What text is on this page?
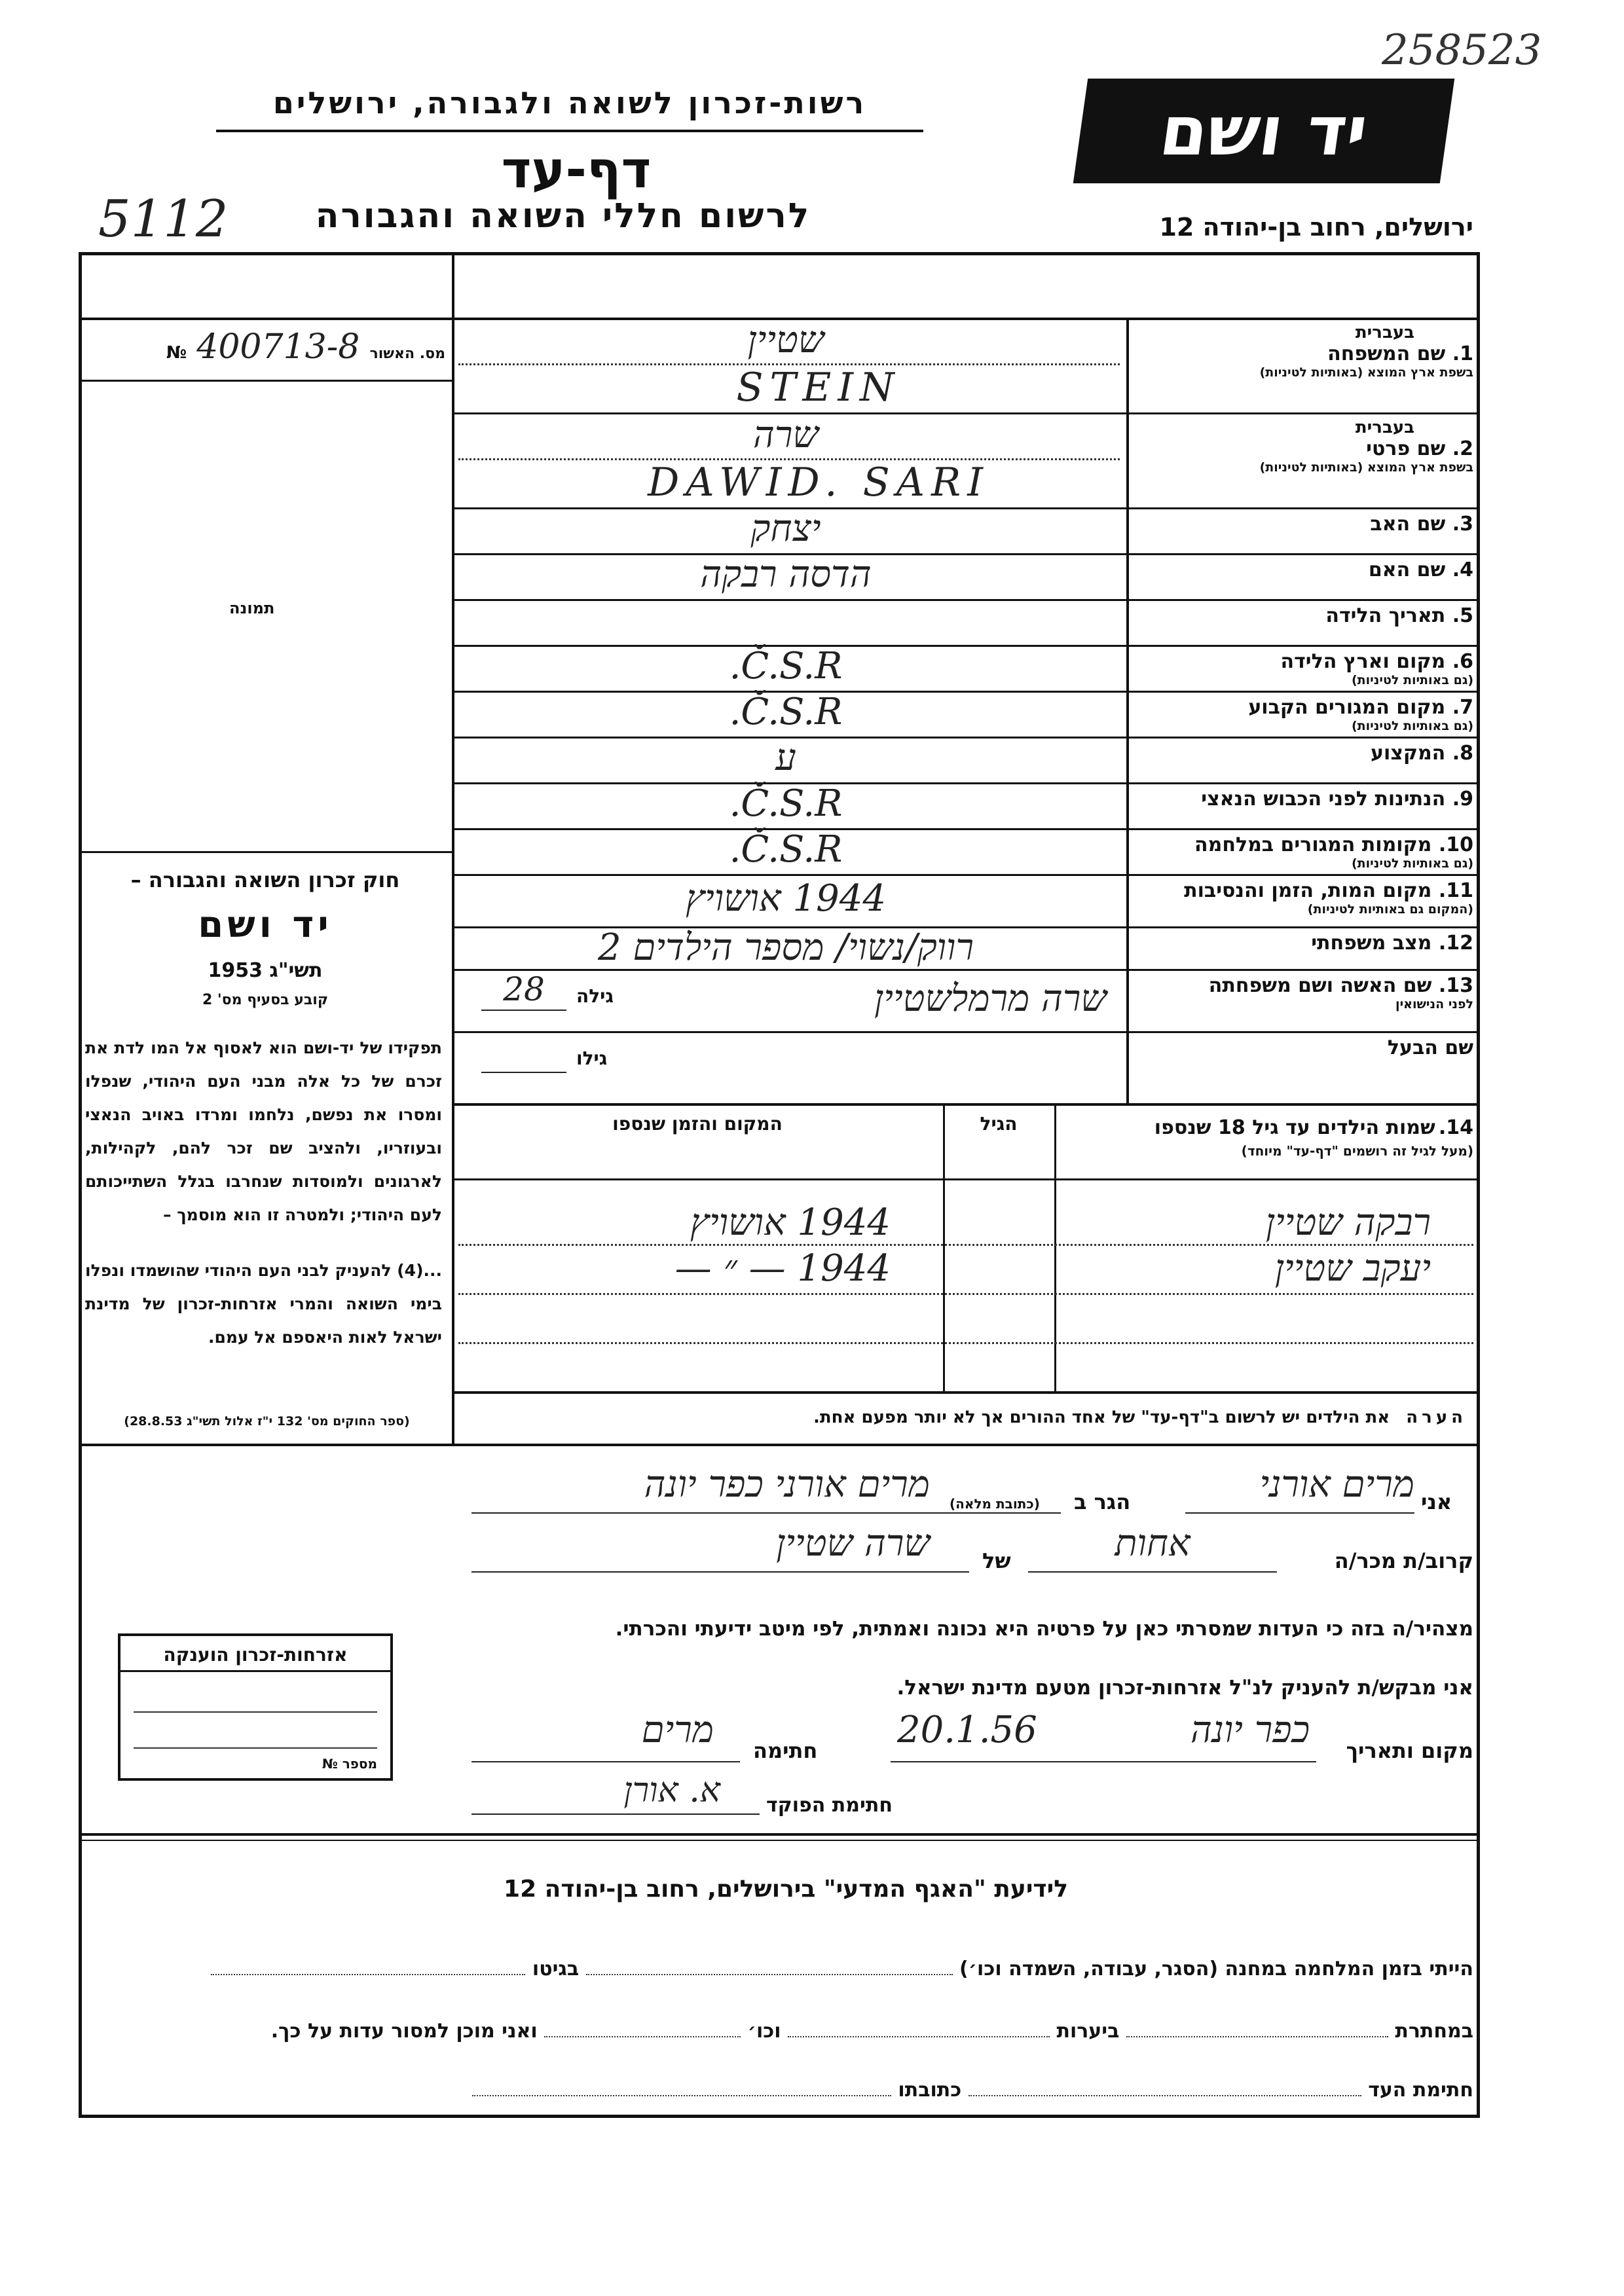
258523
רשות-זכרון לשואה ולגבורה, ירושלים
דף-עד
5112	לרשום חללי השואה והגבורה
יד ושם
ירושלים, רחוב בן-יהודה 12
מס. האשור 400713-8 №
תמונה
חוק זכרון השואה והגבורה –
יד ושם
תשי"ג 1953
קובע בסעיף מס' 2
תפקידו של יד-ושם הוא לאסוף אל המו לדת את זכרם של כל אלה מבני העם היהודי, שנפלו ומסרו את נפשם, נלחמו ומרדו באויב הנאצי ובעוזריו, ולהציב שם זכר להם, לקהילות, לארגונים ולמוסדות שנחרבו בגלל השתייכותם לעם היהודי; ולמטרה זו הוא מוסמך –
...(4) להעניק לבני העם היהודי שהושמדו ונפלו בימי השואה והמרי אזרחות-זכרון של מדינת ישראל לאות היאספם אל עמם.
(ספר החוקים מס' 132 י"ז אלול תשי"ג 28.8.53)
בעברית
1. שם המשפחה
בשפת ארץ המוצא (באותיות לטיניות)
שטיין
STEIN
בעברית
2. שם פרטי
בשפת ארץ המוצא (באותיות לטיניות)
שרה
DAWID. SARI
3. שם האב
יצחק
4. שם האם
הדסה רבקה
5. תאריך הלידה
6. מקום וארץ הלידה
(גם באותיות לטיניות)
Č.S.R.
7. מקום המגורים הקבוע
(גם באותיות לטיניות)
Č.S.R.
8. המקצוע
ע
9. הנתינות לפני הכבוש הנאצי
Č.S.R.
10. מקומות המגורים במלחמה
(גם באותיות לטיניות)
Č.S.R.
11. מקום המות, הזמן והנסיבות
(המקום גם באותיות לטיניות)
1944 אושויץ
12. מצב משפחתי
רווק/נשוי/ מספר הילדים 2
13. שם האשה ושם משפחתה
לפני הנישואין
שרה מרמלשטיין
גילה
28
שם הבעל
גילו
14. שמות הילדים עד גיל 18 שנספו
(מעל לגיל זה רושמים "דף-עד" מיוחד)
הגיל
המקום והזמן שנספו
רבקה שטיין
1944 אושויץ
יעקב שטיין
1944 — ״ —
הערה את הילדים יש לרשום ב"דף-עד" של אחד ההורים אך לא יותר מפעם אחת.
אני
מרים אורני
הגר ב
(כתובת מלאה)
מרים אורני כפר יונה
קרוב/ת מכר/ה
אחות
של
שרה שטיין
מצהיר/ה בזה כי העדות שמסרתי כאן על פרטיה היא נכונה ואמתית, לפי מיטב ידיעתי והכרתי.
אני מבקש/ת להעניק לנ"ל אזרחות-זכרון מטעם מדינת ישראל.
מקום ותאריך
כפר יונה
20.1.56
חתימה
מרים
חתימת הפוקד
א. אורן
אזרחות-זכרון הוענקה
מספר №
לידיעת "האגף המדעי" בירושלים, רחוב בן-יהודה 12
הייתי בזמן המלחמה במחנה (הסגר, עבודה, השמדה וכו׳)  בגיטו
במחתרת  ביערות  וכו׳  ואני מוכן למסור עדות על כך.
חתימת העד  כתובתו
